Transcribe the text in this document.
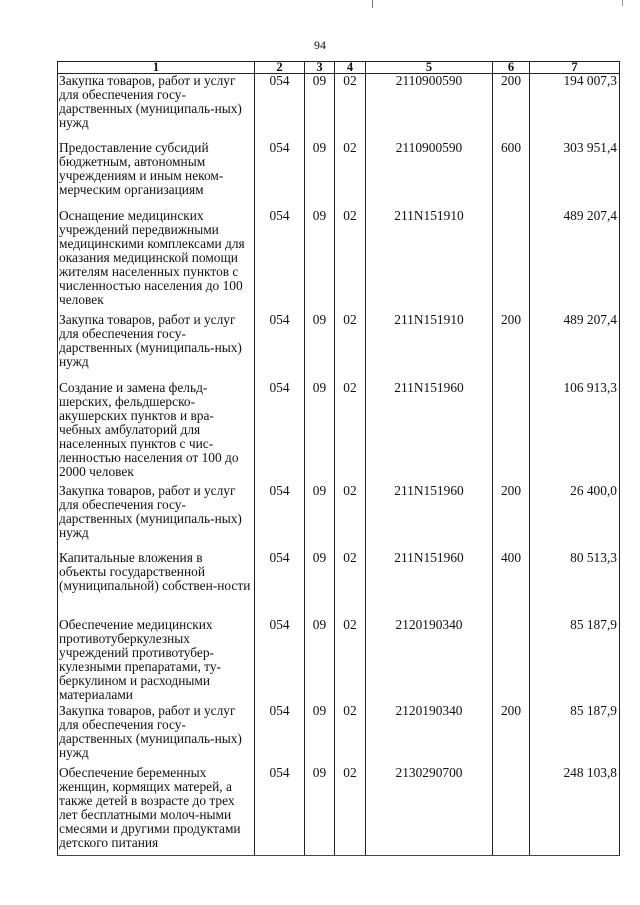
94
1	2	3	4	5	6	7
Закупка товаров, работ и услуг для обеспечения госу-дарственных (муниципаль-ных) нужд	054	09	02	2110900590	200	194 007,3
Предоставление субсидий бюджетным, автономным учреждениям и иным неком-мерческим организациям	054	09	02	2110900590	600	303 951,4
Оснащение медицинских учреждений передвижными медицинскими комплексами для оказания медицинской помощи жителям населенных пунктов с численностью населения до 100 человек	054	09	02	211N151910		489 207,4
Закупка товаров, работ и услуг для обеспечения госу-дарственных (муниципаль-ных) нужд	054	09	02	211N151910	200	489 207,4
Создание и замена фельд-шерских, фельдшерско-акушерских пунктов и вра-чебных амбулаторий для населенных пунктов с чис-ленностью населения от 100 до 2000 человек	054	09	02	211N151960		106 913,3
Закупка товаров, работ и услуг для обеспечения госу-дарственных (муниципаль-ных) нужд	054	09	02	211N151960	200	26 400,0
Капитальные вложения в объекты государственной (муниципальной) собствен-ности	054	09	02	211N151960	400	80 513,3
Обеспечение медицинских противотуберкулезных учреждений противотубер-кулезными препаратами, ту-беркулином и расходными материалами	054	09	02	2120190340		85 187,9
Закупка товаров, работ и услуг для обеспечения госу-дарственных (муниципаль-ных) нужд	054	09	02	2120190340	200	85 187,9
Обеспечение беременных женщин, кормящих матерей, а также детей в возрасте до трех лет бесплатными молоч-ными смесями и другими продуктами детского питания	054	09	02	2130290700		248 103,8
